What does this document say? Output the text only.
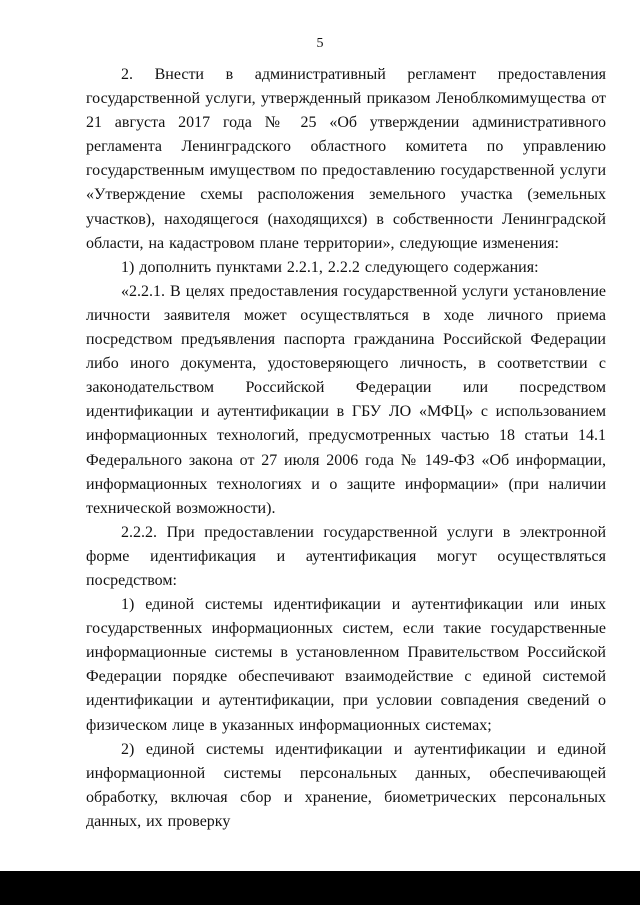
5

2. Внести в административный регламент предоставления государственной услуги, утвержденный приказом Леноблкомимущества от 21 августа 2017 года № 25 «Об утверждении административного регламента Ленинградского областного комитета по управлению государственным имуществом по предоставлению государственной услуги «Утверждение схемы расположения земельного участка (земельных участков), находящегося (находящихся) в собственности Ленинградской области, на кадастровом плане территории», следующие изменения:

1) дополнить пунктами 2.2.1, 2.2.2 следующего содержания:

«2.2.1. В целях предоставления государственной услуги установление личности заявителя может осуществляться в ходе личного приема посредством предъявления паспорта гражданина Российской Федерации либо иного документа, удостоверяющего личность, в соответствии с законодательством Российской Федерации или посредством идентификации и аутентификации в ГБУ ЛО «МФЦ» с использованием информационных технологий, предусмотренных частью 18 статьи 14.1 Федерального закона от 27 июля 2006 года № 149-ФЗ «Об информации, информационных технологиях и о защите информации» (при наличии технической возможности).

2.2.2. При предоставлении государственной услуги в электронной форме идентификация и аутентификация могут осуществляться посредством:

1) единой системы идентификации и аутентификации или иных государственных информационных систем, если такие государственные информационные системы в установленном Правительством Российской Федерации порядке обеспечивают взаимодействие с единой системой идентификации и аутентификации, при условии совпадения сведений о физическом лице в указанных информационных системах;

2) единой системы идентификации и аутентификации и единой информационной системы персональных данных, обеспечивающей обработку, включая сбор и хранение, биометрических персональных данных, их проверку
